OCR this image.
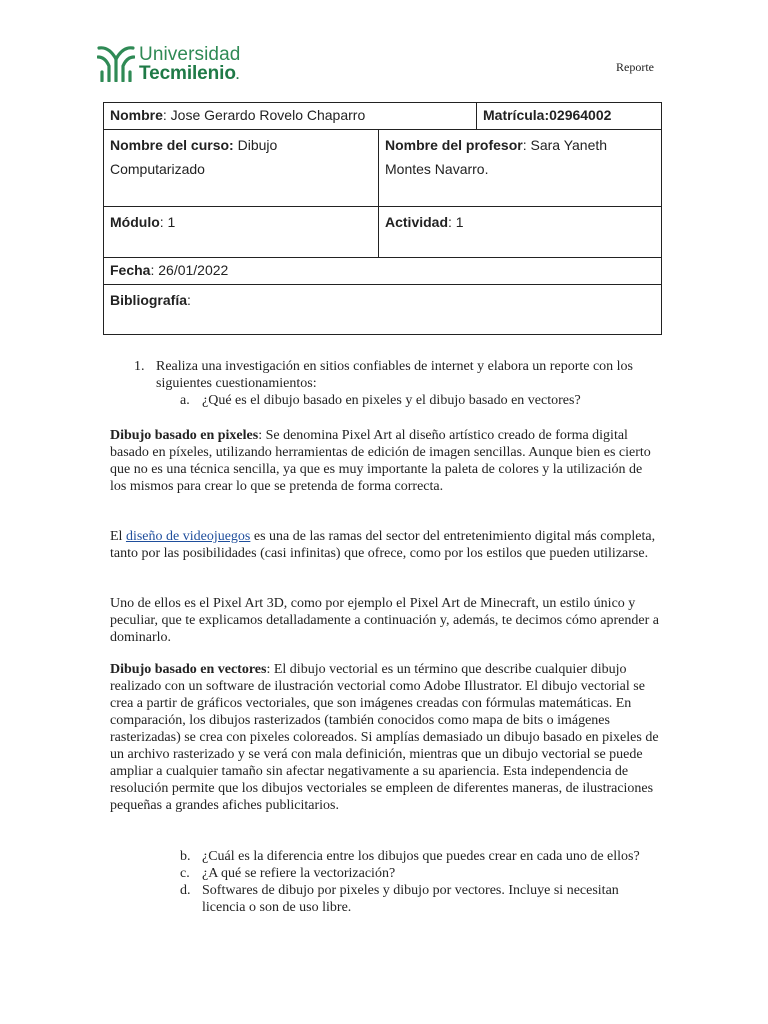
Universidad
Tecmilenio.
Reporte
Nombre: Jose Gerardo Rovelo Chaparro	Matrícula:02964002
Nombre del curso: Dibujo Computarizado
Nombre del profesor: Sara Yaneth Montes Navarro.
Módulo: 1	Actividad: 1
Fecha: 26/01/2022
Bibliografía:
1. Realiza una investigación en sitios confiables de internet y elabora un reporte con los siguientes cuestionamientos:
a. ¿Qué es el dibujo basado en pixeles y el dibujo basado en vectores?

Dibujo basado en pixeles: Se denomina Pixel Art al diseño artístico creado de forma digital basado en píxeles, utilizando herramientas de edición de imagen sencillas. Aunque bien es cierto que no es una técnica sencilla, ya que es muy importante la paleta de colores y la utilización de los mismos para crear lo que se pretenda de forma correcta.

El diseño de videojuegos es una de las ramas del sector del entretenimiento digital más completa, tanto por las posibilidades (casi infinitas) que ofrece, como por los estilos que pueden utilizarse.

Uno de ellos es el Pixel Art 3D, como por ejemplo el Pixel Art de Minecraft, un estilo único y peculiar, que te explicamos detalladamente a continuación y, además, te decimos cómo aprender a dominarlo.

Dibujo basado en vectores: El dibujo vectorial es un término que describe cualquier dibujo realizado con un software de ilustración vectorial como Adobe Illustrator. El dibujo vectorial se crea a partir de gráficos vectoriales, que son imágenes creadas con fórmulas matemáticas. En comparación, los dibujos rasterizados (también conocidos como mapa de bits o imágenes rasterizadas) se crea con pixeles coloreados. Si amplías demasiado un dibujo basado en pixeles de un archivo rasterizado y se verá con mala definición, mientras que un dibujo vectorial se puede ampliar a cualquier tamaño sin afectar negativamente a su apariencia. Esta independencia de resolución permite que los dibujos vectoriales se empleen de diferentes maneras, de ilustraciones pequeñas a grandes afiches publicitarios.

b. ¿Cuál es la diferencia entre los dibujos que puedes crear en cada uno de ellos?
c. ¿A qué se refiere la vectorización?
d. Softwares de dibujo por pixeles y dibujo por vectores. Incluye si necesitan licencia o son de uso libre.
